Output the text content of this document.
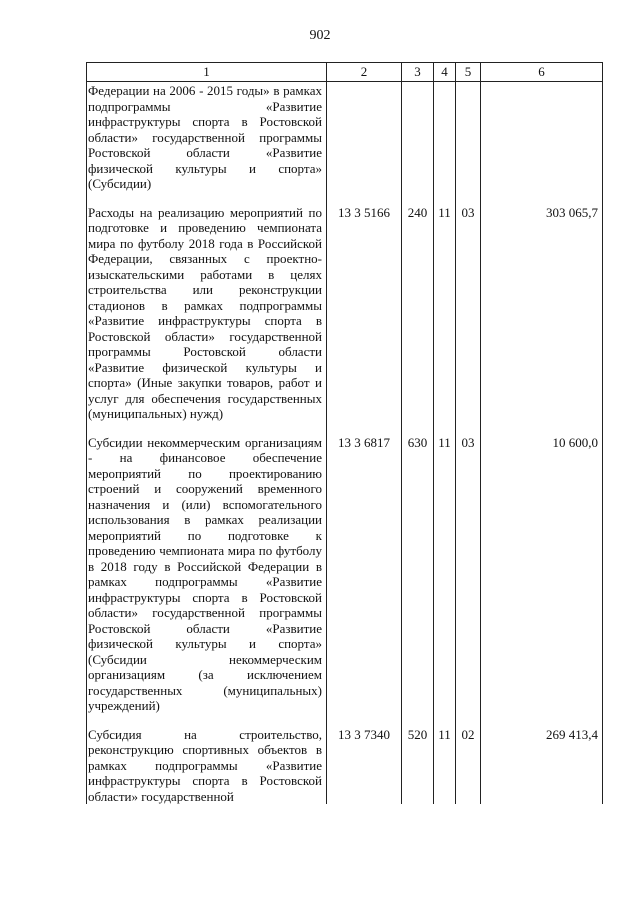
902
1	2	3	4	5	6
Федерации на 2006 - 2015 годы» в рамках подпрограммы «Развитие инфраструктуры спорта в Ростовской области» государственной программы Ростовской области «Развитие физической культуры и спорта» (Субсидии)					
Расходы на реализацию мероприятий по подготовке и проведению чемпионата мира по футболу 2018 года в Российской Федерации, связанных с проектно-изыскательскими работами в целях строительства или реконструкции стадионов в рамках подпрограммы «Развитие инфраструктуры спорта в Ростовской области» государственной программы Ростовской области «Развитие физической культуры и спорта» (Иные закупки товаров, работ и услуг для обеспечения государственных (муниципальных) нужд)	13 3 5166	240	11	03	303 065,7
Субсидии некоммерческим организациям - на финансовое обеспечение мероприятий по проектированию строений и сооружений временного назначения и (или) вспомогательного использования в рамках реализации мероприятий по подготовке к проведению чемпионата мира по футболу в 2018 году в Российской Федерации в рамках подпрограммы «Развитие инфраструктуры спорта в Ростовской области» государственной программы Ростовской области «Развитие физической культуры и спорта» (Субсидии некоммерческим организациям (за исключением государственных (муниципальных) учреждений)	13 3 6817	630	11	03	10 600,0
Субсидия на строительство, реконструкцию спортивных объектов в рамках подпрограммы «Развитие инфраструктуры спорта в Ростовской области» государственной	13 3 7340	520	11	02	269 413,4
